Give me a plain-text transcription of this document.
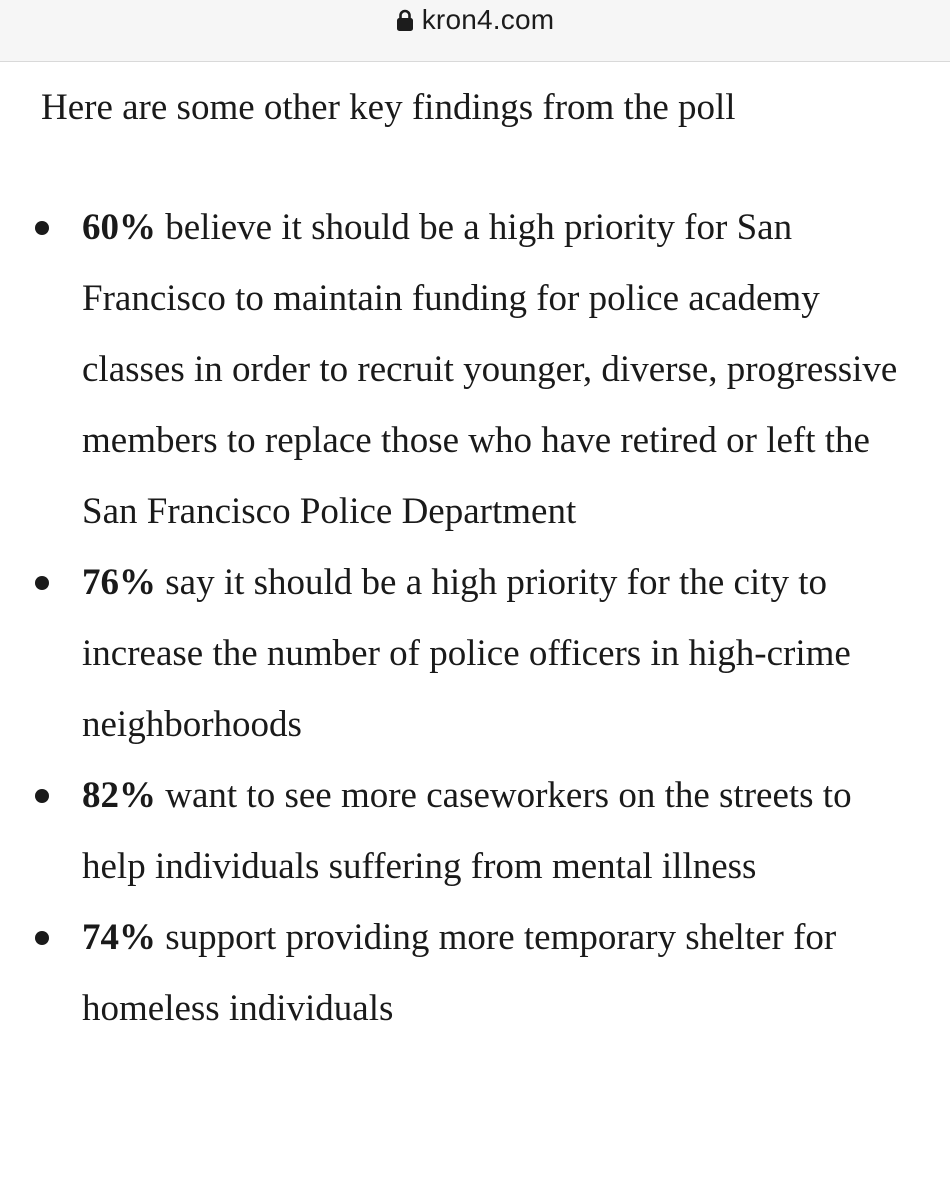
kron4.com

Here are some other key findings from the poll

60% believe it should be a high priority for San Francisco to maintain funding for police academy classes in order to recruit younger, diverse, progressive members to replace those who have retired or left the San Francisco Police Department
76% say it should be a high priority for the city to increase the number of police officers in high-crime neighborhoods
82% want to see more caseworkers on the streets to help individuals suffering from mental illness
74% support providing more temporary shelter for homeless individuals
